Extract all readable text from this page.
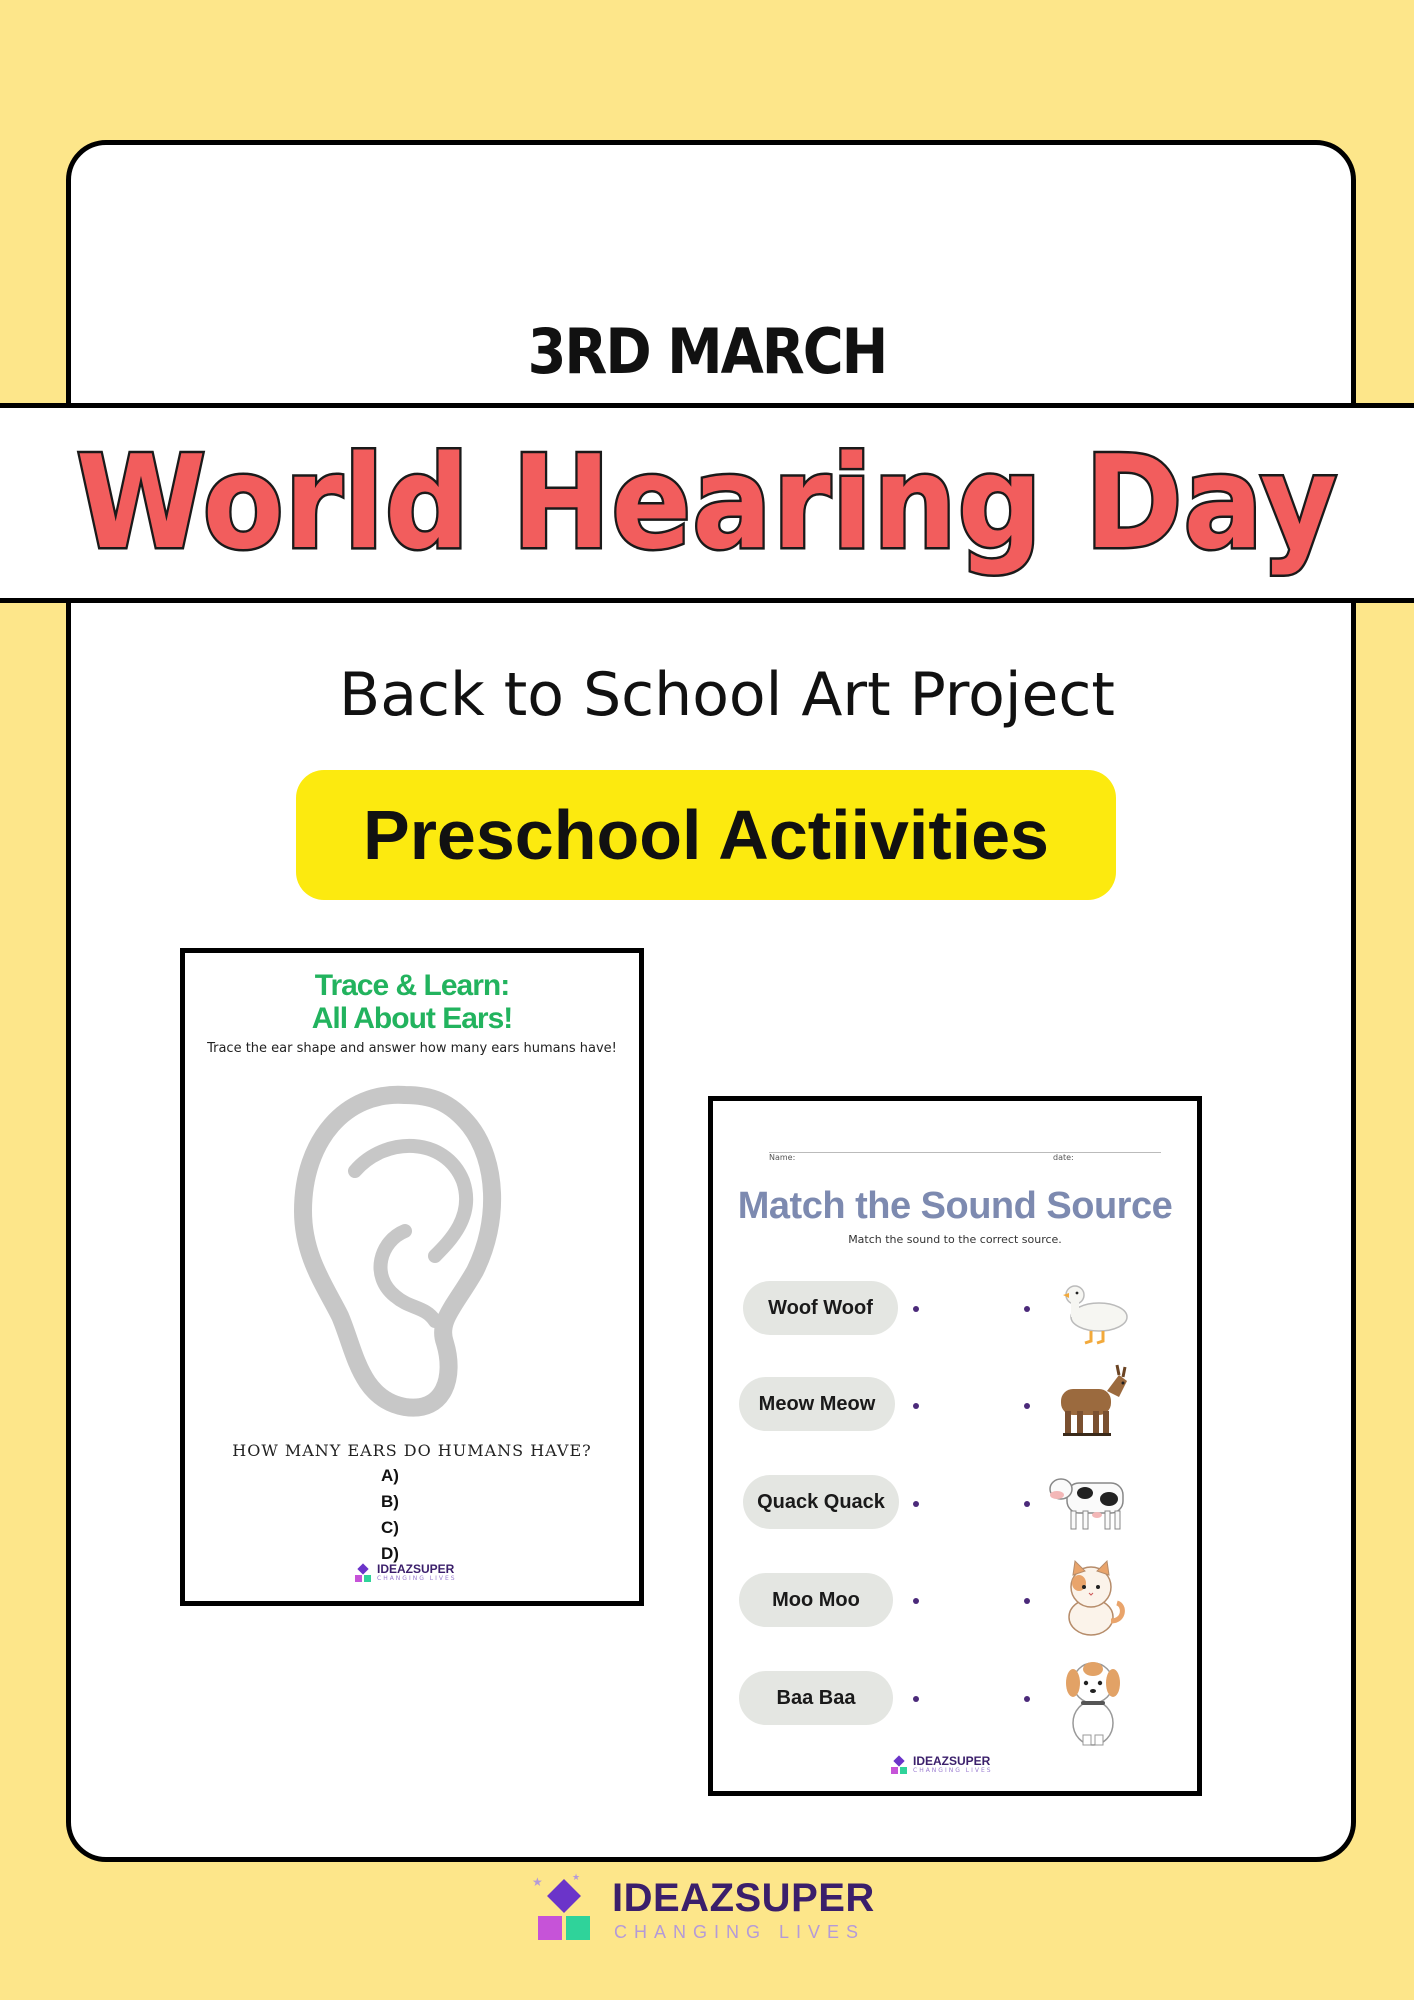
3RD MARCH
World Hearing Day
Back to School Art Project
Preschool Actiivities
Trace & Learn:
All About Ears!
Trace the ear shape and answer how many ears humans have!
HOW MANY EARS DO HUMANS HAVE?
A)
B)
C)
D)
IDEAZSUPER
CHANGING LIVES
Name:	date:
Match the Sound Source
Match the sound to the correct source.
Woof Woof
Meow Meow
Quack Quack
Moo Moo
Baa Baa
IDEAZSUPER
CHANGING LIVES
★	★ IDEAZSUPER
CHANGING LIVES
